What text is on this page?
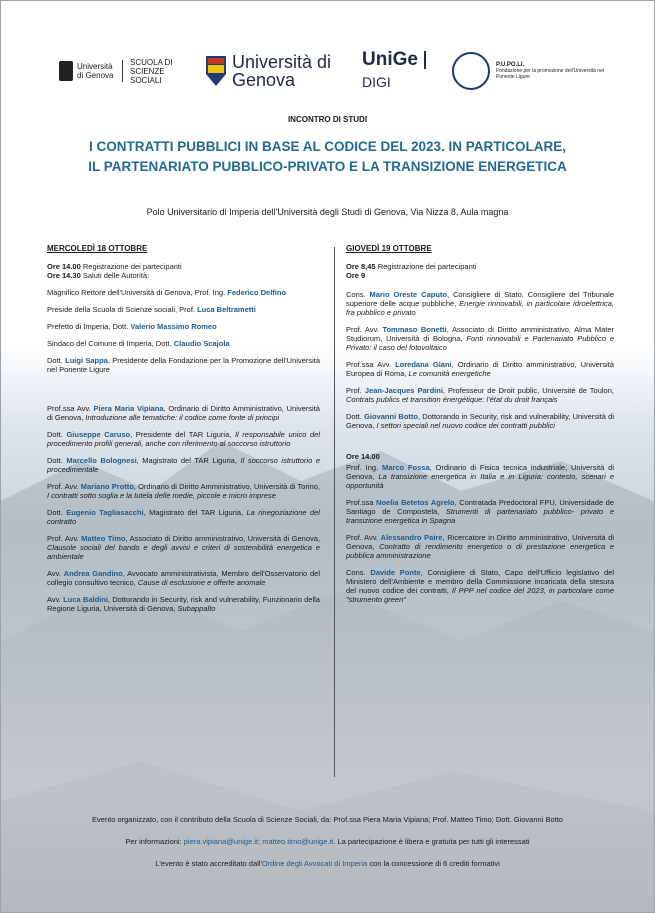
Università di Genova
SCUOLA DI SCIENZE SOCIALI
Università di Genova
UniGeDIGI
P.U.PO.LI.
Fondazione per la promozione dell'Università nel Ponente Ligure
INCONTRO DI STUDI
I CONTRATTI PUBBLICI IN BASE AL CODICE DEL 2023. IN PARTICOLARE,
IL PARTENARIATO PUBBLICO-PRIVATO E LA TRANSIZIONE ENERGETICA
Polo Universitario di Imperia dell'Università degli Studi di Genova, Via Nizza 8, Aula magna
MERCOLEDÌ 18 OTTOBRE
Ore 14.00 Registrazione dei partecipanti
Ore 14.30 Saluti delle Autorità:

Magnifico Rettore dell'Università di Genova, Prof. Ing. Federico Delfino

Preside della Scuola di Scienze sociali, Prof. Luca Beltrametti

Prefetto di Imperia, Dott. Valerio Massimo Romeo

Sindaco del Comune di Imperia, Dott. Claudio Scajola

Dott. Luigi Sappa, Presidente della Fondazione per la Promozione dell'Università nel Ponente Ligure

Prof.ssa Avv. Piera Maria Vipiana, Ordinario di Diritto Amministrativo, Università di Genova, Introduzione alle tematiche: il codice come fonte di principi

Dott. Giuseppe Caruso, Presidente del TAR Liguria, Il responsabile unico del procedimento profili generali, anche con riferimento al soccorso istruttorio

Dott. Marcello Bolognesi, Magistrato del TAR Liguria, Il soccorso istruttorio e procedimentale

Prof. Avv. Mariano Protto, Ordinario di Diritto Amministrativo, Università di Torino, I contratti sotto soglia e la tutela delle medie, piccole e micro imprese

Dott. Eugenio Tagliasacchi, Magistrato del TAR Liguria, La rinegoziazione del contratto

Prof. Avv. Matteo Timo, Associato di Diritto amministrativo, Università di Genova, Clausole sociali del bando e degli avvisi e criteri di sostenibilità energetica e ambientale

Avv. Andrea Gandino, Avvocato amministrativista, Membro dell'Osservatorio del collegio consultivo tecnico, Cause di esclusione e offerte anomale

Avv. Luca Baldini, Dottorando in Security, risk and vulnerability, Funzionario della Regione Liguria, Università di Genova, Subappalto

GIOVEDÌ 19 OTTOBRE
Ore 8,45 Registrazione dei partecipanti
Ore 9

Cons. Mario Oreste Caputo, Consigliere di Stato, Consigliere del Tribunale superiore delle acque pubbliche, Energie rinnovabili, in particolare idroelettrica, fra pubblico e privato

Prof. Avv. Tommaso Bonetti, Associato di Diritto amministrativo, Alma Mater Studiorum, Università di Bologna, Fonti rinnovabili e Partenariato Pubblico e Privato: il caso del fotovoltaico

Prof.ssa Avv. Loredana Giani, Ordinario di Diritto amministrativo, Università Europea di Roma, Le comunità energetiche

Prof. Jean-Jacques Pardini, Professeur de Droit public, Université de Toulon, Contrats publics et transition énergétique: l'état du droit français

Dott. Giovanni Botto, Dottorando in Security, risk and vulnerability, Università di Genova, I settori speciali nel nuovo codice dei contratti pubblici

Ore 14.00

Prof. Ing. Marco Fossa, Ordinario di Fisica tecnica industriale, Università di Genova, La transizione energetica in Italia e in Liguria: contesto, scenari e opportunità

Prof.ssa Noelia Betetos Agrelo, Contratada Predoctoral FPU, Universidade de Santiago de Compostela, Strumenti di partenariato pubblico- privato e transizione energetica in Spagna

Prof. Avv. Alessandro Paire, Ricercatore in Diritto amministrativo, Università di Genova, Contratto di rendimento energetico o di prestazione energetica e pubblica amministrazione

Cons. Davide Ponte, Consigliere di Stato, Capo dell'Ufficio legislativo del Ministero dell'Ambiente e membro della Commissione incaricata della stesura del nuovo codice dei contratti, Il PPP nel codice del 2023, in particolare come "strumento green"

Evento organizzato, con il contributo della Scuola di Scienze Sociali, da: Prof.ssa Piera Maria Vipiana; Prof. Matteo Timo; Dott. Giovanni Botto

Per informazioni: piera.vipiana@unige.it; matteo.timo@unige.it. La partecipazione è libera e gratuita per tutti gli interessati

L'evento è stato accreditato dall'Ordine degli Avvocati di Imperia con la concessione di 6 crediti formativi
